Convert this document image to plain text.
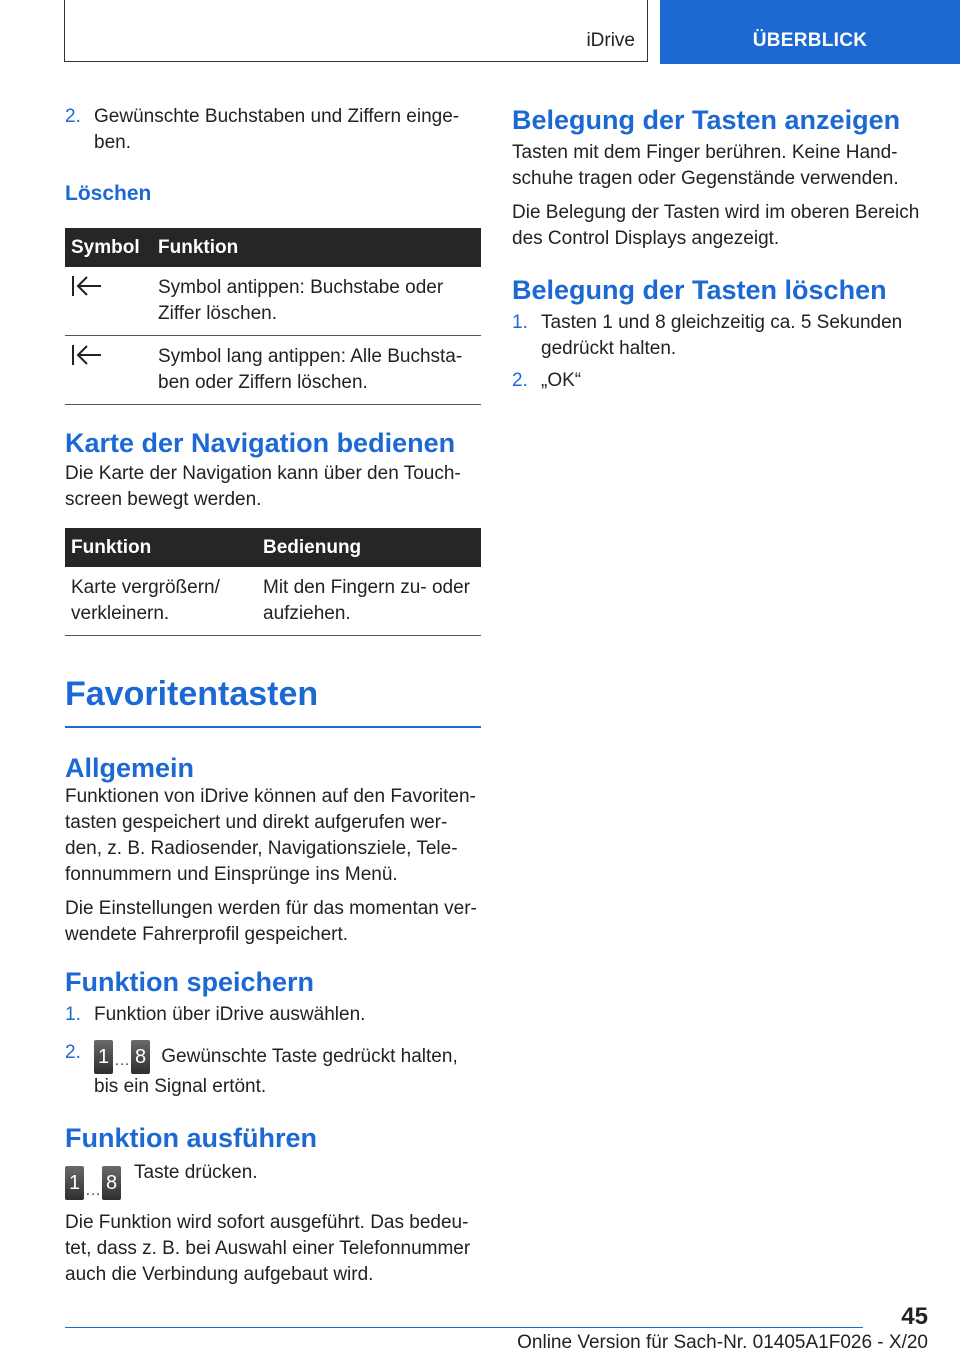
iDrive	ÜBERBLICK
2. Gewünschte Buchstaben und Ziffern einge-ben.
Löschen
Symbol	Funktion
	Symbol antippen: Buchstabe oder Ziffer löschen.
	Symbol lang antippen: Alle Buchsta-ben oder Ziffern löschen.
Karte der Navigation bedienen

Die Karte der Navigation kann über den Touch-screen bewegt werden.

Funktion	Bedienung
Karte vergrößern/ verkleinern.	Mit den Fingern zu- oder aufziehen.
Favoritentasten
Allgemein

Funktionen von iDrive können auf den Favoriten-tasten gespeichert und direkt aufgerufen wer-den, z. B. Radiosender, Navigationsziele, Tele-fonnummern und Einsprünge ins Menü.

Die Einstellungen werden für das momentan ver-wendete Fahrerprofil gespeichert.

Funktion speichern
1. Funktion über iDrive auswählen.
2. 1 … 8 Gewünschte Taste gedrückt halten, bis ein Signal ertönt.
Funktion ausführen
1 … 8 Taste drücken.

Die Funktion wird sofort ausgeführt. Das bedeu-tet, dass z. B. bei Auswahl einer Telefonnummer auch die Verbindung aufgebaut wird.

Belegung der Tasten anzeigen

Tasten mit dem Finger berühren. Keine Hand-schuhe tragen oder Gegenstände verwenden.

Die Belegung der Tasten wird im oberen Bereich des Control Displays angezeigt.

Belegung der Tasten löschen
1. Tasten 1 und 8 gleichzeitig ca. 5 Sekunden gedrückt halten.
2. „OK“
45
Online Version für Sach-Nr. 01405A1F026 - X/20
